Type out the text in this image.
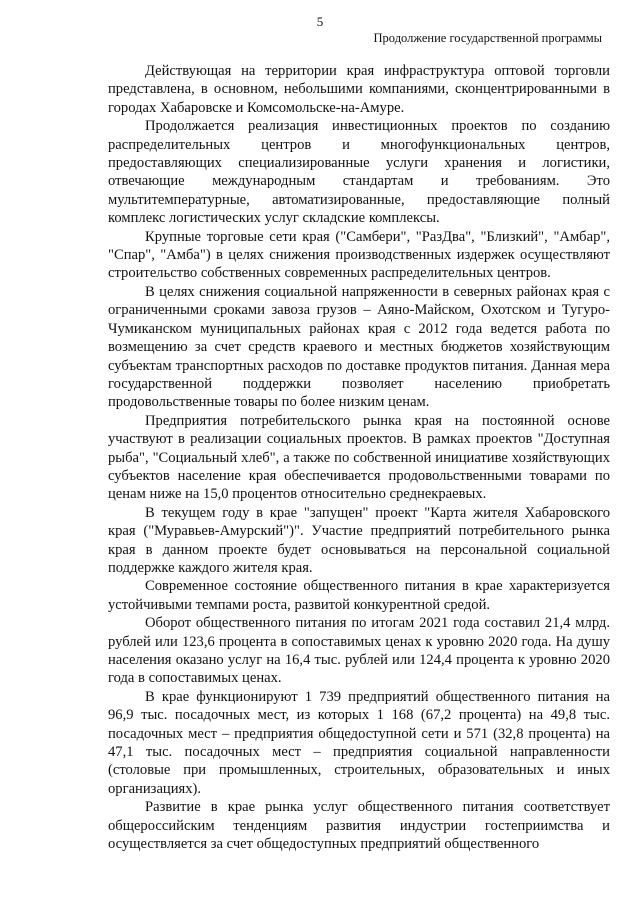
5
Продолжение государственной программы

Действующая на территории края инфраструктура оптовой торговли представлена, в основном, небольшими компаниями, сконцентрированными в городах Хабаровске и Комсомольске-на-Амуре.

Продолжается реализация инвестиционных проектов по созданию распределительных центров и многофункциональных центров, предоставляющих специализированные услуги хранения и логистики, отвечающие международным стандартам и требованиям. Это мультитемпературные, автоматизированные, предоставляющие полный комплекс логистических услуг складские комплексы.

Крупные торговые сети края ("Самбери", "РазДва", "Близкий", "Амбар", "Спар", "Амба") в целях снижения производственных издержек осуществляют строительство собственных современных распределительных центров.

В целях снижения социальной напряженности в северных районах края с ограниченными сроками завоза грузов – Аяно-Майском, Охотском и Тугуро-Чумиканском муниципальных районах края с 2012 года ведется работа по возмещению за счет средств краевого и местных бюджетов хозяйствующим субъектам транспортных расходов по доставке продуктов питания. Данная мера государственной поддержки позволяет населению приобретать продовольственные товары по более низким ценам.

Предприятия потребительского рынка края на постоянной основе участвуют в реализации социальных проектов. В рамках проектов "Доступная рыба", "Социальный хлеб", а также по собственной инициативе хозяйствующих субъектов население края обеспечивается продовольственными товарами по ценам ниже на 15,0 процентов относительно среднекраевых.

В текущем году в крае "запущен" проект "Карта жителя Хабаровского края ("Муравьев-Амурский")". Участие предприятий потребительного рынка края в данном проекте будет основываться на персональной социальной поддержке каждого жителя края.

Современное состояние общественного питания в крае характеризуется устойчивыми темпами роста, развитой конкурентной средой.

Оборот общественного питания по итогам 2021 года составил 21,4 млрд. рублей или 123,6 процента в сопоставимых ценах к уровню 2020 года. На душу населения оказано услуг на 16,4 тыс. рублей или 124,4 процента к уровню 2020 года в сопоставимых ценах.

В крае функционируют 1 739 предприятий общественного питания на 96,9 тыс. посадочных мест, из которых 1 168 (67,2 процента) на 49,8 тыс. посадочных мест – предприятия общедоступной сети и 571 (32,8 процента) на 47,1 тыс. посадочных мест – предприятия социальной направленности (столовые при промышленных, строительных, образовательных и иных организациях).

Развитие в крае рынка услуг общественного питания соответствует общероссийским тенденциям развития индустрии гостеприимства и осуществляется за счет общедоступных предприятий общественного
